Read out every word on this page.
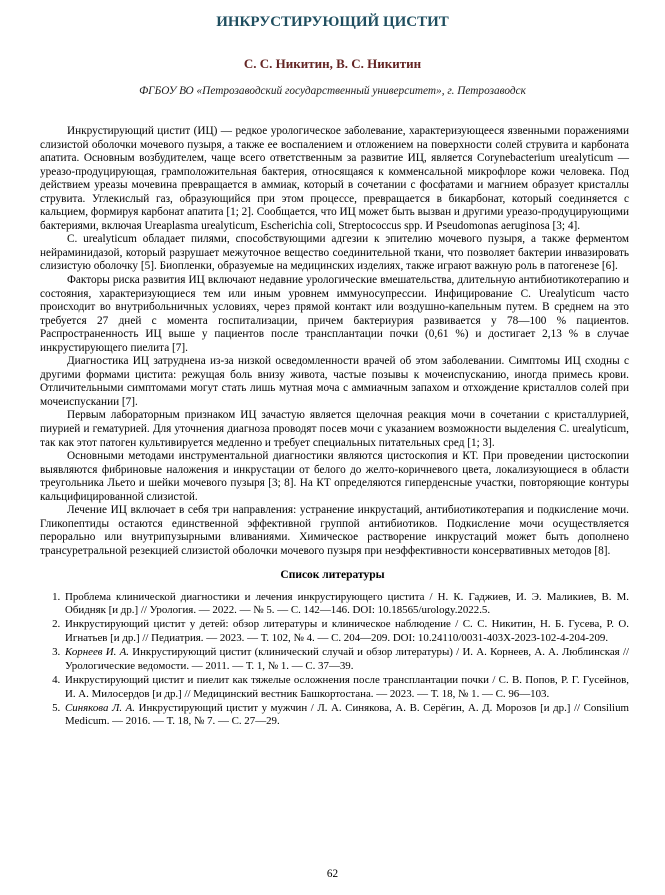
ИНКРУСТИРУЮЩИЙ ЦИСТИТ
С. С. Никитин, В. С. Никитин
ФГБОУ ВО «Петрозаводский государственный университет», г. Петрозаводск

Инкрустирующий цистит (ИЦ) — редкое урологическое заболевание, характеризующееся язвенными поражениями слизистой оболочки мочевого пузыря, а также ее воспалением и отложением на поверхности солей струвита и карбоната апатита. Основным возбудителем, чаще всего ответственным за развитие ИЦ, является Corynebacterium urealyticum — уреазо-продуцирующая, грамположительная бактерия, относящаяся к комменсальной микрофлоре кожи человека. Под действием уреазы мочевина превращается в аммиак, который в сочетании с фосфатами и магнием образует кристаллы струвита. Углекислый газ, образующийся при этом процессе, превращается в бикарбонат, который соединяется с кальцием, формируя карбонат апатита [1; 2]. Сообщается, что ИЦ может быть вызван и другими уреазо-продуцирующими бактериями, включая Ureaplasma urealyticum, Escherichia coli, Streptococcus spp. И Pseudomonas aeruginosa [3; 4].

C. urealyticum обладает пилями, способствующими адгезии к эпителию мочевого пузыря, а также ферментом нейраминидазой, который разрушает межуточное вещество соединительной ткани, что позволяет бактерии инвазировать слизистую оболочку [5]. Биопленки, образуемые на медицинских изделиях, также играют важную роль в патогенезе [6].

Факторы риска развития ИЦ включают недавние урологические вмешательства, длительную антибиотикотерапию и состояния, характеризующиеся тем или иным уровнем иммуносупрессии. Инфицирование C. Urealyticum часто происходит во внутрибольничных условиях, через прямой контакт или воздушно-капельным путем. В среднем на это требуется 27 дней с момента госпитализации, причем бактериурия развивается у 78—100 % пациентов. Распространенность ИЦ выше у пациентов после трансплантации почки (0,61 %) и достигает 2,13 % в случае инкрустирующего пиелита [7].

Диагностика ИЦ затруднена из-за низкой осведомленности врачей об этом заболевании. Симптомы ИЦ сходны с другими формами цистита: режущая боль внизу живота, частые позывы к мочеиспусканию, иногда примесь крови. Отличительными симптомами могут стать лишь мутная моча с аммиачным запахом и отхождение кристаллов солей при мочеиспускании [7].

Первым лабораторным признаком ИЦ зачастую является щелочная реакция мочи в сочетании с кристаллурией, пиурией и гематурией. Для уточнения диагноза проводят посев мочи с указанием возможности выделения C. urealyticum, так как этот патоген культивируется медленно и требует специальных питательных сред [1; 3].

Основными методами инструментальной диагностики являются цистоскопия и КТ. При проведении цистоскопии выявляются фибриновые наложения и инкрустации от белого до желто-коричневого цвета, локализующиеся в области треугольника Льето и шейки мочевого пузыря [3; 8]. На КТ определяются гиперденсные участки, повторяющие контуры кальцифицированной слизистой.

Лечение ИЦ включает в себя три направления: устранение инкрустаций, антибиотикотерапия и подкисление мочи. Гликопептиды остаются единственной эффективной группой антибиотиков. Подкисление мочи осуществляется перорально или внутрипузырными вливаниями. Химическое растворение инкрустаций может быть дополнено трансуретральной резекцией слизистой оболочки мочевого пузыря при неэффективности консервативных методов [8].

Список литературы
1. Проблема клинической диагностики и лечения инкрустирующего цистита / Н. К. Гаджиев, И. Э. Маликиев, В. М. Обидняк [и др.] // Урология. — 2022. — № 5. — С. 142—146. DOI: 10.18565/urology.2022.5.
2. Инкрустирующий цистит у детей: обзор литературы и клиническое наблюдение / С. С. Никитин, Н. Б. Гусева, Р. О. Игнатьев [и др.] // Педиатрия. — 2023. — Т. 102, № 4. — С. 204—209. DOI: 10.24110/0031-403X-2023-102-4-204-209.
3. Корнеев И. А. Инкрустирующий цистит (клинический случай и обзор литературы) / И. А. Корнеев, А. А. Люблинская // Урологические ведомости. — 2011. — Т. 1, № 1. — С. 37—39.
4. Инкрустирующий цистит и пиелит как тяжелые осложнения после трансплантации почки / С. В. Попов, Р. Г. Гусейнов, И. А. Милосердов [и др.] // Медицинский вестник Башкортостана. — 2023. — Т. 18, № 1. — С. 96—103.
5. Синякова Л. А. Инкрустирующий цистит у мужчин / Л. А. Синякова, А. В. Серёгин, А. Д. Морозов [и др.] // Consilium Medicum. — 2016. — Т. 18, № 7. — С. 27—29.
62
